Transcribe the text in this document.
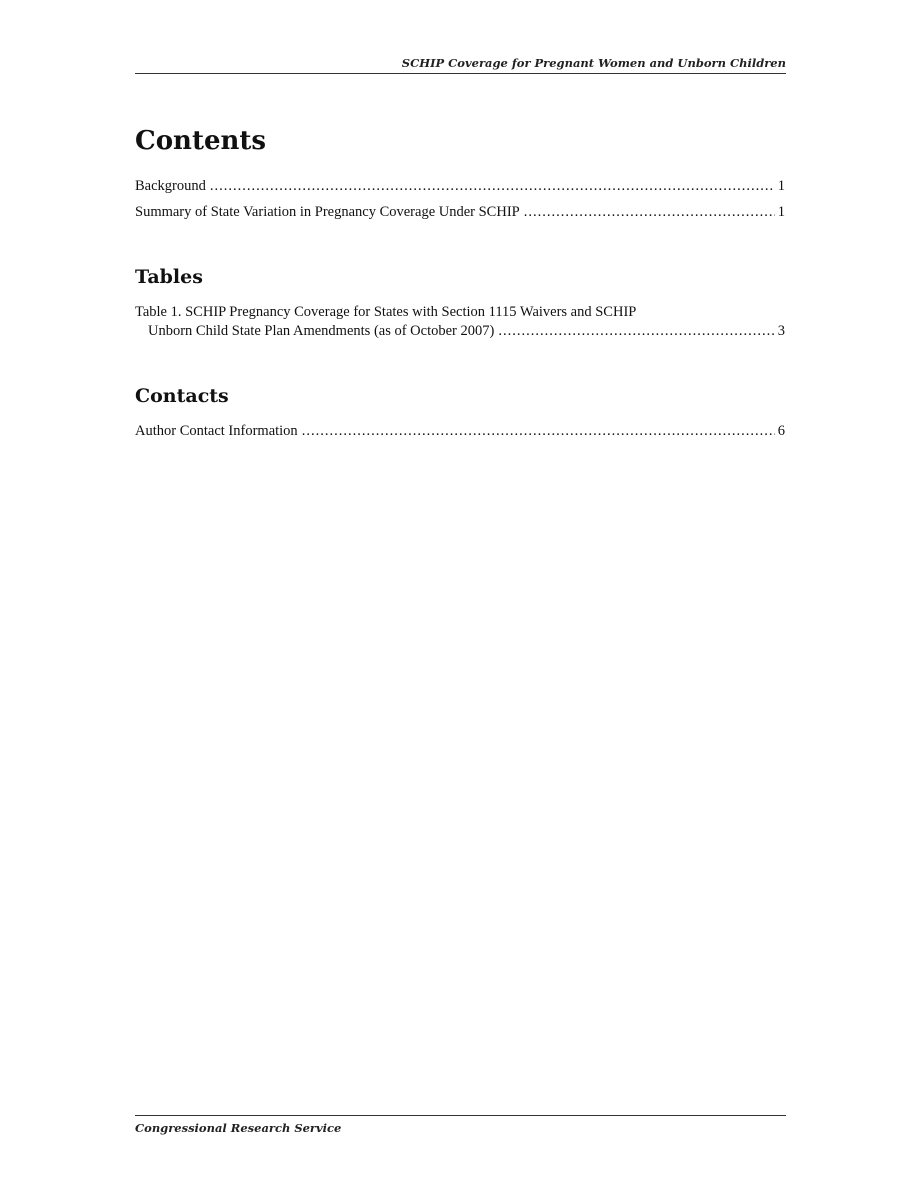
SCHIP Coverage for Pregnant Women and Unborn Children
Contents
Background .....	1
Summary of State Variation in Pregnancy Coverage Under SCHIP .....	1
Tables
Table 1. SCHIP Pregnancy Coverage for States with Section 1115 Waivers and SCHIP
Unborn Child State Plan Amendments (as of October 2007) .....	3
Contacts
Author Contact Information .....	6
Congressional Research Service
